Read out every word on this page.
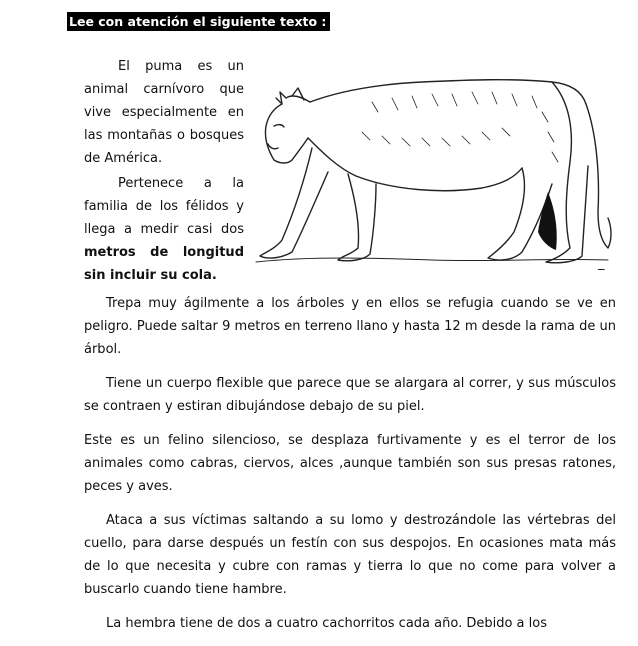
Lee con atención el siguiente texto :

El puma es un animal carnívoro que vive especialmente en las montañas o bosques de América.

Pertenece a la familia de los félidos y llega a medir casi dos metros de longitud sin incluir su cola.

_

Trepa muy ágilmente a los árboles y en ellos se refugia cuando se ve en peligro. Puede saltar 9 metros en terreno llano y hasta 12 m desde la rama de un árbol.

Tiene un cuerpo flexible que parece que se alargara al correr, y sus músculos se contraen y estiran dibujándose debajo de su piel.

Este es un felino silencioso, se desplaza furtivamente y es el terror de los animales como cabras, ciervos, alces ,aunque también son sus presas ratones, peces y aves.

Ataca a sus víctimas saltando a su lomo y destrozándole las vértebras del cuello, para darse después un festín con sus despojos. En ocasiones mata más de lo que necesita y cubre con ramas y tierra lo que no come para volver a buscarlo cuando tiene hambre.

La hembra tiene de dos a cuatro cachorritos cada año. Debido a los
